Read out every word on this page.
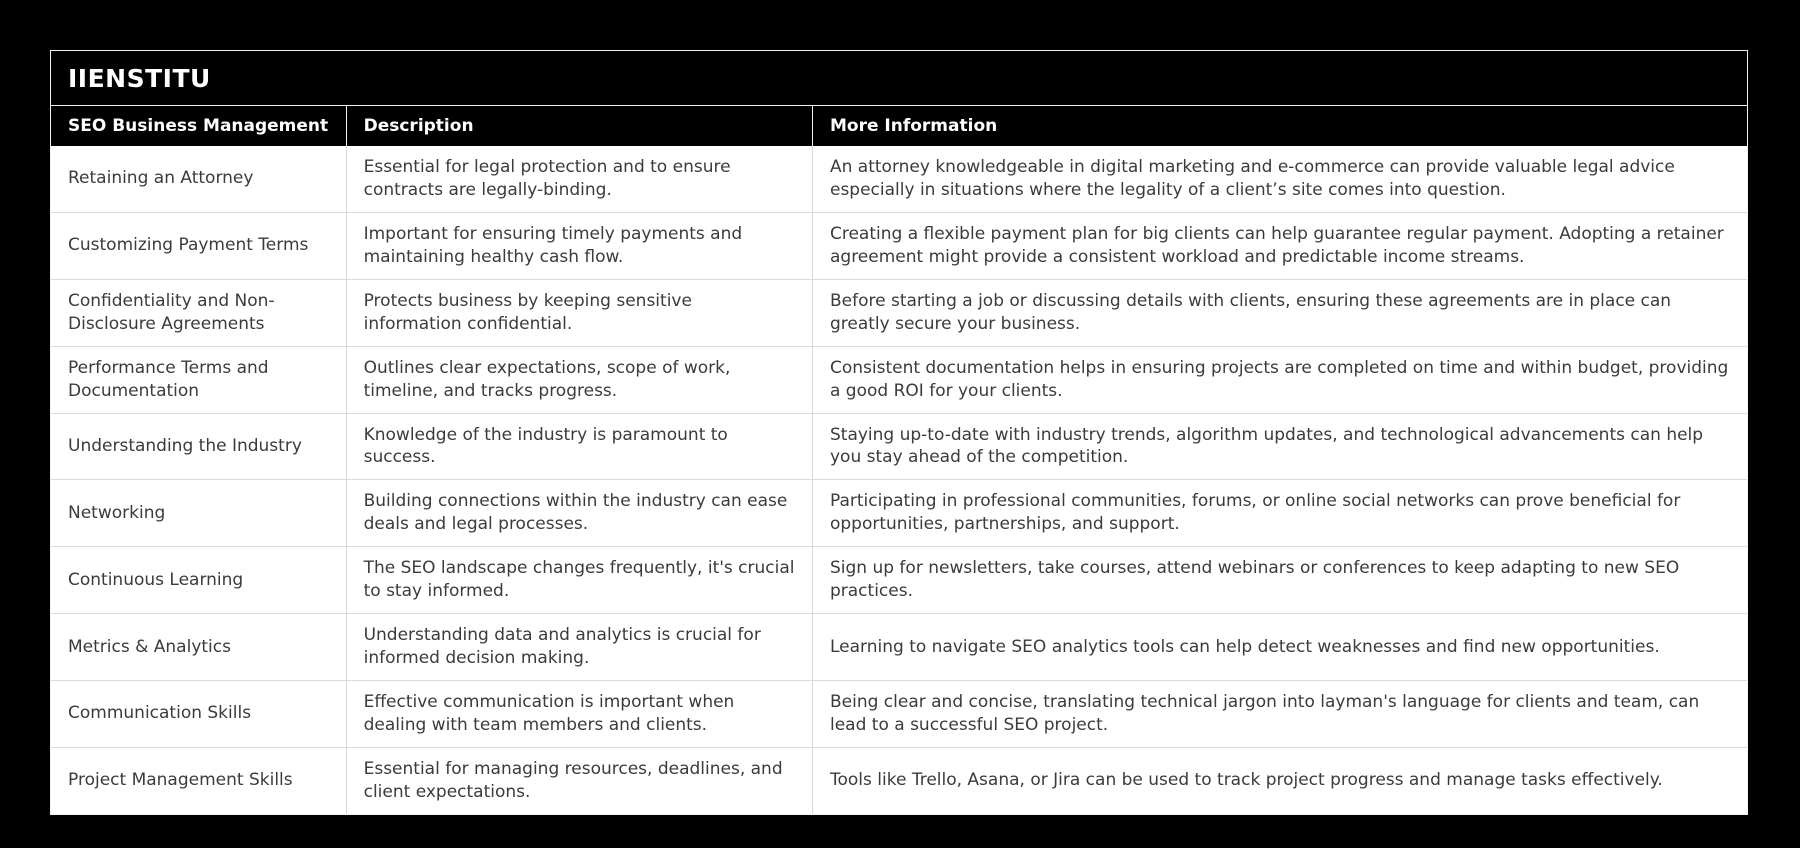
IIENSTITU
SEO Business Management	Description	More Information
Retaining an Attorney	Essential for legal protection and to ensure contracts are legally-binding.	An attorney knowledgeable in digital marketing and e-commerce can provide valuable legal advice especially in situations where the legality of a client’s site comes into question.
Customizing Payment Terms	Important for ensuring timely payments and maintaining healthy cash flow.	Creating a flexible payment plan for big clients can help guarantee regular payment. Adopting a retainer agreement might provide a consistent workload and predictable income streams.
Confidentiality and Non-Disclosure Agreements	Protects business by keeping sensitive information confidential.	Before starting a job or discussing details with clients, ensuring these agreements are in place can greatly secure your business.
Performance Terms and Documentation	Outlines clear expectations, scope of work, timeline, and tracks progress.	Consistent documentation helps in ensuring projects are completed on time and within budget, providing a good ROI for your clients.
Understanding the Industry	Knowledge of the industry is paramount to success.	Staying up-to-date with industry trends, algorithm updates, and technological advancements can help you stay ahead of the competition.
Networking	Building connections within the industry can ease deals and legal processes.	Participating in professional communities, forums, or online social networks can prove beneficial for opportunities, partnerships, and support.
Continuous Learning	The SEO landscape changes frequently, it's crucial to stay informed.	Sign up for newsletters, take courses, attend webinars or conferences to keep adapting to new SEO practices.
Metrics & Analytics	Understanding data and analytics is crucial for informed decision making.	Learning to navigate SEO analytics tools can help detect weaknesses and find new opportunities.
Communication Skills	Effective communication is important when dealing with team members and clients.	Being clear and concise, translating technical jargon into layman's language for clients and team, can lead to a successful SEO project.
Project Management Skills	Essential for managing resources, deadlines, and client expectations.	Tools like Trello, Asana, or Jira can be used to track project progress and manage tasks effectively.
